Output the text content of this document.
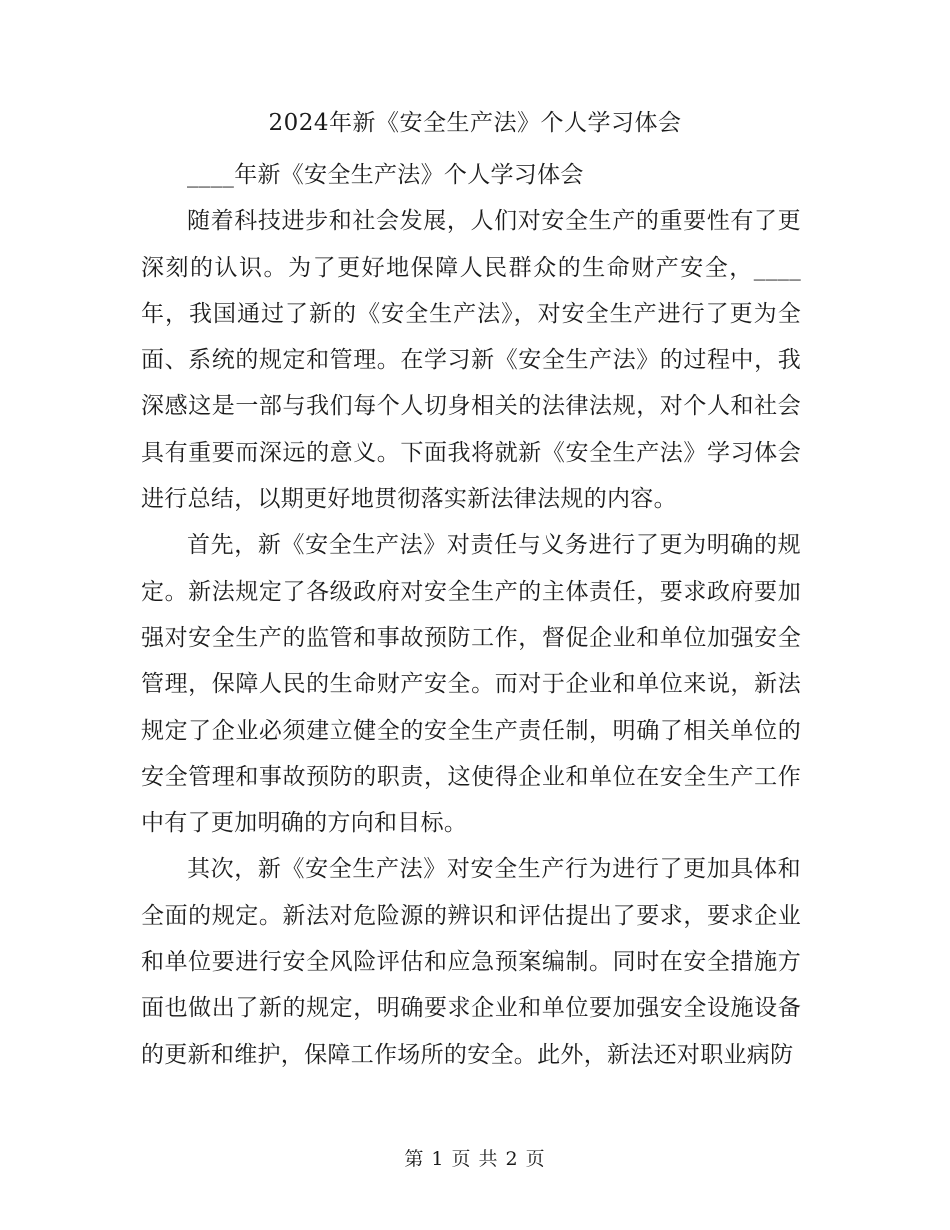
2024年新《安全生产法》个人学习体会

____年新《安全生产法》个人学习体会

随着科技进步和社会发展，人们对安全生产的重要性有了更深刻的认识。为了更好地保障人民群众的生命财产安全，____年，我国通过了新的《安全生产法》，对安全生产进行了更为全面、系统的规定和管理。在学习新《安全生产法》的过程中，我深感这是一部与我们每个人切身相关的法律法规，对个人和社会具有重要而深远的意义。下面我将就新《安全生产法》学习体会进行总结，以期更好地贯彻落实新法律法规的内容。

首先，新《安全生产法》对责任与义务进行了更为明确的规定。新法规定了各级政府对安全生产的主体责任，要求政府要加强对安全生产的监管和事故预防工作，督促企业和单位加强安全管理，保障人民的生命财产安全。而对于企业和单位来说，新法规定了企业必须建立健全的安全生产责任制，明确了相关单位的安全管理和事故预防的职责，这使得企业和单位在安全生产工作中有了更加明确的方向和目标。

其次，新《安全生产法》对安全生产行为进行了更加具体和全面的规定。新法对危险源的辨识和评估提出了要求，要求企业和单位要进行安全风险评估和应急预案编制。同时在安全措施方面也做出了新的规定，明确要求企业和单位要加强安全设施设备的更新和维护，保障工作场所的安全。此外，新法还对职业病防

第 1 页 共 2 页
